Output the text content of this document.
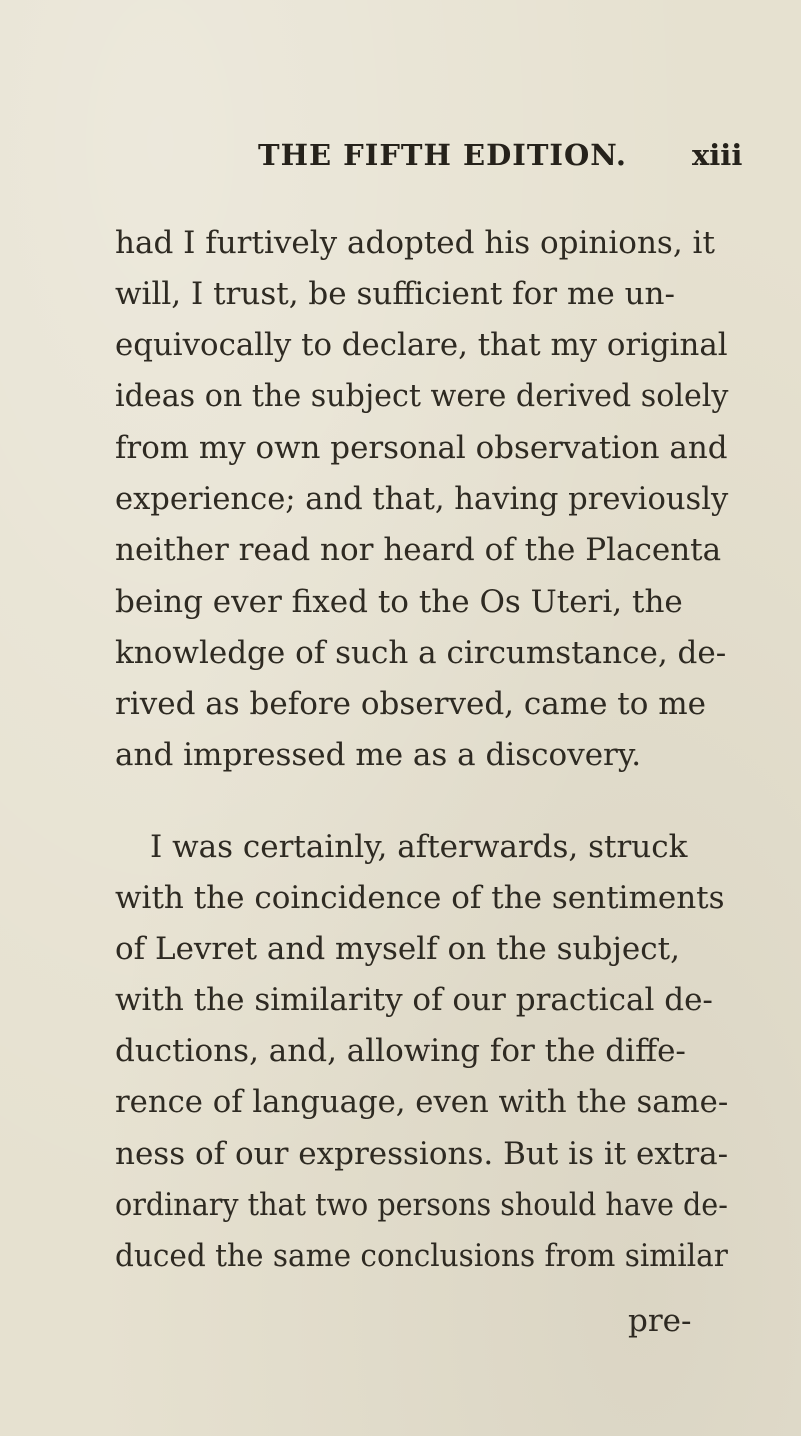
THE FIFTH EDITION. xiii
had I furtively adopted his opinions, it
will, I trust, be sufficient for me un-
equivocally to declare, that my original
ideas on the subject were derived solely
from my own personal observation and
experience; and that, having previously
neither read nor heard of the Placenta
being ever fixed to the Os Uteri, the
knowledge of such a circumstance, de-
rived as before observed, came to me
and impressed me as a discovery.
I was certainly, afterwards, struck
with the coincidence of the sentiments
of Levret and myself on the subject,
with the similarity of our practical de-
ductions, and, allowing for the diffe-
rence of language, even with the same-
ness of our expressions. But is it extra-
ordinary that two persons should have de-
duced the same conclusions from similar
pre-
